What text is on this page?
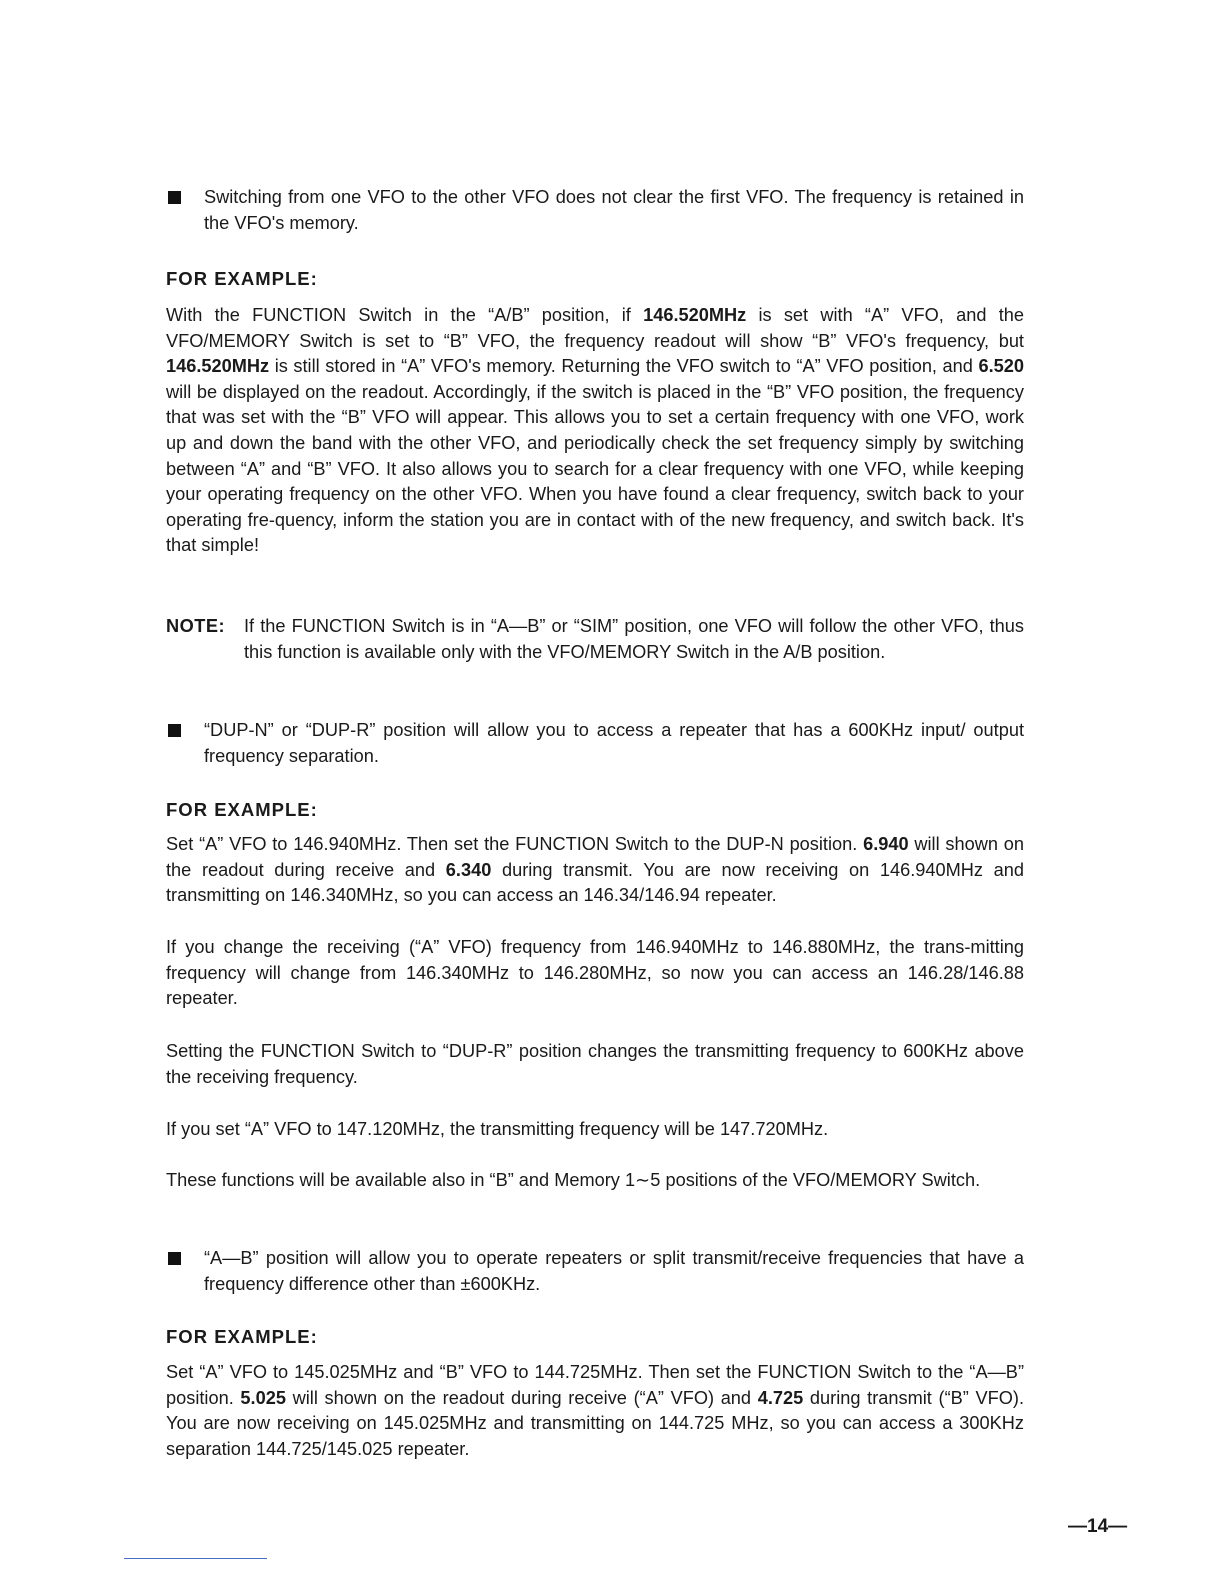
Switching from one VFO to the other VFO does not clear the first VFO. The frequency is retained in the VFO's memory.
FOR EXAMPLE:
With the FUNCTION Switch in the “A/B” position, if 146.520MHz is set with “A” VFO, and the VFO/MEMORY Switch is set to “B” VFO, the frequency readout will show “B” VFO's frequency, but 146.520MHz is still stored in “A” VFO's memory. Returning the VFO switch to “A” VFO position, and 6.520 will be displayed on the readout. Accordingly, if the switch is placed in the “B” VFO position, the frequency that was set with the “B” VFO will appear. This allows you to set a certain frequency with one VFO, work up and down the band with the other VFO, and periodically check the set frequency simply by switching between “A” and “B” VFO. It also allows you to search for a clear frequency with one VFO, while keeping your operating frequency on the other VFO. When you have found a clear frequency, switch back to your operating fre-quency, inform the station you are in contact with of the new frequency, and switch back. It's that simple!
NOTE: If the FUNCTION Switch is in “A—B” or “SIM” position, one VFO will follow the other VFO, thus this function is available only with the VFO/MEMORY Switch in the A/B position.
“DUP-N” or “DUP-R” position will allow you to access a repeater that has a 600KHz input/ output frequency separation.
FOR EXAMPLE:
Set “A” VFO to 146.940MHz. Then set the FUNCTION Switch to the DUP-N position. 6.940 will shown on the readout during receive and 6.340 during transmit. You are now receiving on 146.940MHz and transmitting on 146.340MHz, so you can access an 146.34/146.94 repeater.
If you change the receiving (“A” VFO) frequency from 146.940MHz to 146.880MHz, the trans-mitting frequency will change from 146.340MHz to 146.280MHz, so now you can access an 146.28/146.88 repeater.
Setting the FUNCTION Switch to “DUP-R” position changes the transmitting frequency to 600KHz above the receiving frequency.
If you set “A” VFO to 147.120MHz, the transmitting frequency will be 147.720MHz.
These functions will be available also in “B” and Memory 1∼5 positions of the VFO/MEMORY Switch.
“A—B” position will allow you to operate repeaters or split transmit/receive frequencies that have a frequency difference other than ±600KHz.
FOR EXAMPLE:
Set “A” VFO to 145.025MHz and “B” VFO to 144.725MHz. Then set the FUNCTION Switch to the “A—B” position. 5.025 will shown on the readout during receive (“A” VFO) and 4.725 during transmit (“B” VFO). You are now receiving on 145.025MHz and transmitting on 144.725 MHz, so you can access a 300KHz separation 144.725/145.025 repeater.
—14—
